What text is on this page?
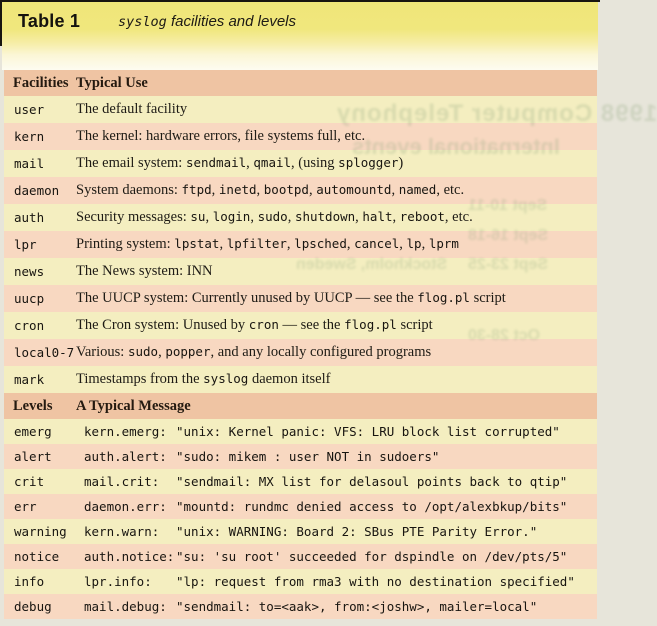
Table 1	syslog facilities and levels
Facilities Typical Use
user	The default facility
kern	The kernel: hardware errors, file systems full, etc.
mail	The email system: sendmail, qmail, (using splogger)
daemon	System daemons: ftpd, inetd, bootpd, automountd, named, etc.
auth	Security messages: su, login, sudo, shutdown, halt, reboot, etc.
lpr	Printing system: lpstat, lpfilter, lpsched, cancel, lp, lprm
news	The News system: INN
uucp	The UUCP system: Currently unused by UUCP — see the flog.pl script
cron	The Cron system: Unused by cron — see the flog.pl script
local0-7 Various: sudo, popper, and any locally configured programs
mark	Timestamps from the syslog daemon itself
Levels	A Typical Message
emerg	kern.emerg: "unix: Kernel panic: VFS: LRU block list corrupted"
alert	auth.alert: "sudo: mikem : user NOT in sudoers"
crit	mail.crit:	"sendmail: MX list for delasoul points back to qtip"
err	daemon.err: "mountd: rundmc denied access to /opt/alexbkup/bits"
warning	kern.warn:	"unix: WARNING: Board 2: SBus PTE Parity Error."
notice	auth.notice: "su: 'su root' succeeded for dspindle on /dev/pts/5"
info	lpr.info:	"lp: request from rma3 with no destination specified"
debug	mail.debug: "sendmail: to=<aak>, from:<joshw>, mailer=local"
1998 Computer Telephony
International events
Sept 10-11
Sept 16-18
Sept 23-25
Stockholm, Sweden
Oct 28-30
